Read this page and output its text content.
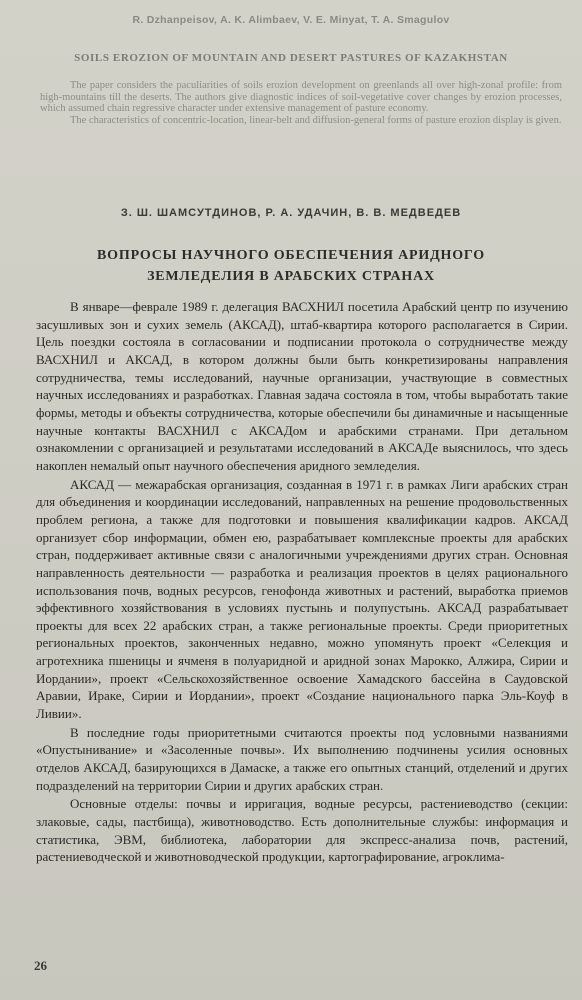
R. Dzhanpeisov, A. K. Alimbaev, V. E. Minyat, T. A. Smagulov
SOILS EROZION OF MOUNTAIN AND DESERT PASTURES OF KAZAKHSTAN

The paper considers the paculiarities of soils erozion development on greenlands all over high-zonal profile: from high-mountains till the deserts. The authors give diagnostic indices of soil-vegetative cover changes by erozion processes, which assumed chain regressive character under extensive management of pasture economy.

The characteristics of concentric-location, linear-belt and diffusion-general forms of pasture erozion display is given.

З. Ш. ШАМСУТДИНОВ, Р. А. УДАЧИН, В. В. МЕДВЕДЕВ
ВОПРОСЫ НАУЧНОГО ОБЕСПЕЧЕНИЯ АРИДНОГО
ЗЕМЛЕДЕЛИЯ В АРАБСКИХ СТРАНАХ

В январе—феврале 1989 г. делегация ВАСХНИЛ посетила Арабский центр по изучению засушливых зон и сухих земель (АКСАД), штаб-квартира которого располагается в Сирии. Цель поездки состояла в согласовании и подписании протокола о сотрудничестве между ВАСХНИЛ и АКСАД, в котором должны были быть конкретизированы направления сотрудничества, темы исследований, научные организации, участвующие в совместных научных исследованиях и разработках. Главная задача состояла в том, чтобы выработать такие формы, методы и объекты сотрудничества, которые обеспечили бы динамичные и насыщенные научные контакты ВАСХНИЛ с АКСАДом и арабскими странами. При детальном ознакомлении с организацией и результатами исследований в АКСАДе выяснилось, что здесь накоплен немалый опыт научного обеспечения аридного земледелия.

АКСАД — межарабская организация, созданная в 1971 г. в рамках Лиги арабских стран для объединения и координации исследований, направленных на решение продовольственных проблем региона, а также для подготовки и повышения квалификации кадров. АКСАД организует сбор информации, обмен ею, разрабатывает комплексные проекты для арабских стран, поддерживает активные связи с аналогичными учреждениями других стран. Основная направленность деятельности — разработка и реализация проектов в целях рационального использования почв, водных ресурсов, генофонда животных и растений, выработка приемов эффективного хозяйствования в условиях пустынь и полупустынь. АКСАД разрабатывает проекты для всех 22 арабских стран, а также региональные проекты. Среди приоритетных региональных проектов, законченных недавно, можно упомянуть проект «Селекция и агротехника пшеницы и ячменя в полуаридной и аридной зонах Марокко, Алжира, Сирии и Иордании», проект «Сельскохозяйственное освоение Хамадского бассейна в Саудовской Аравии, Ираке, Сирии и Иордании», проект «Создание национального парка Эль-Коуф в Ливии».

В последние годы приоритетными считаются проекты под условными названиями «Опустынивание» и «Засоленные почвы». Их выполнению подчинены усилия основных отделов АКСАД, базирующихся в Дамаске, а также его опытных станций, отделений и других подразделений на территории Сирии и других арабских стран.

Основные отделы: почвы и ирригация, водные ресурсы, растениеводство (секции: злаковые, сады, пастбища), животноводство. Есть дополнительные службы: информация и статистика, ЭВМ, библиотека, лаборатории для экспресс-анализа почв, растений, растениеводческой и животноводческой продукции, картографирование, агроклима-

26
